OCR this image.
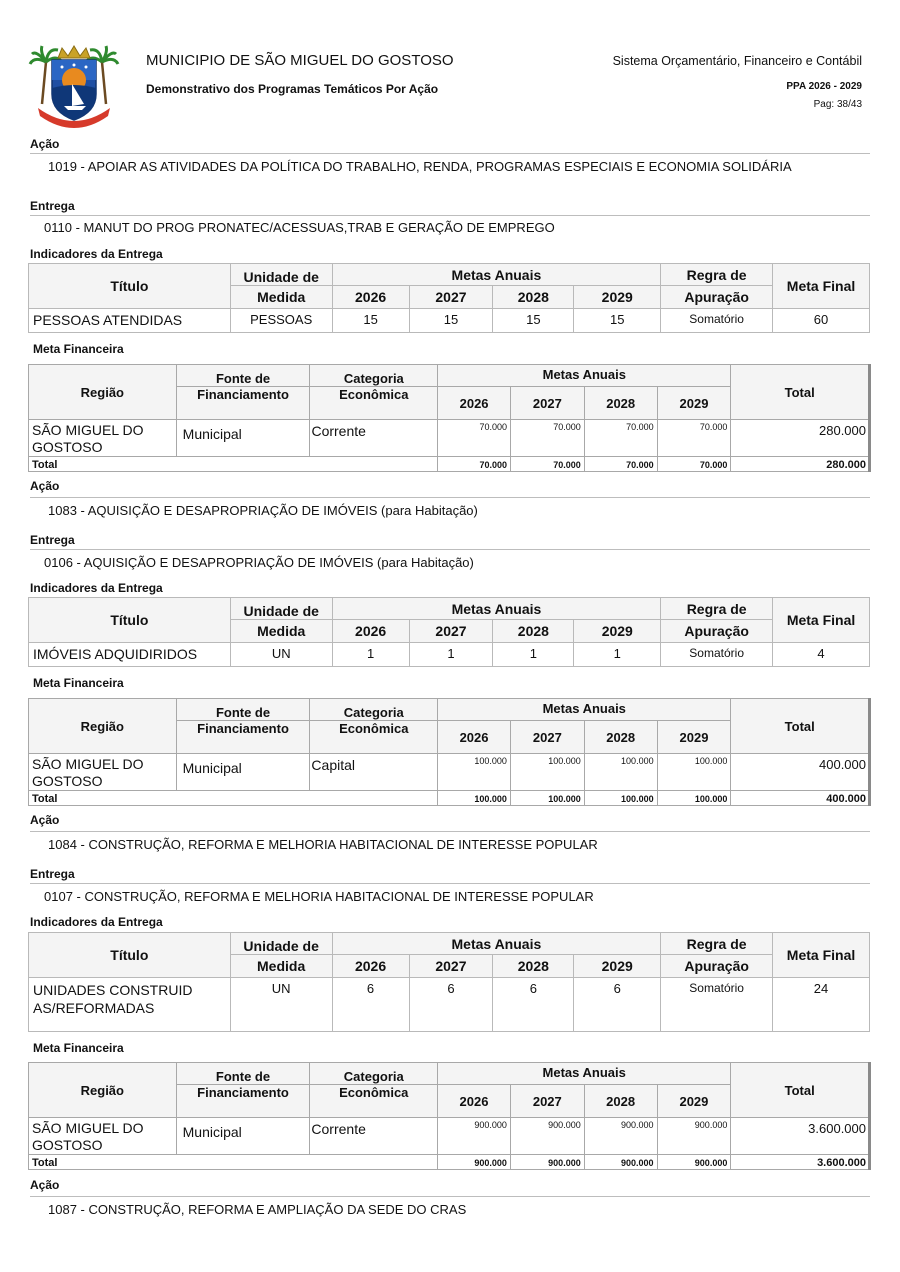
MUNICIPIO DE SÃO MIGUEL DO GOSTOSO
Demonstrativo dos Programas Temáticos Por Ação
Sistema Orçamentário, Financeiro e Contábil
PPA 2026 - 2029
Pag: 38/43
Ação
1019 - APOIAR AS ATIVIDADES DA POLÍTICA DO TRABALHO, RENDA, PROGRAMAS ESPECIAIS E ECONOMIA SOLIDÁRIA
Entrega
0110 - MANUT DO PROG PRONATEC/ACESSUAS,TRAB E GERAÇÃO DE EMPREGO
Indicadores da Entrega
Título	Unidade de	Metas Anuais				Regra de	Meta Final
	Medida	2026	2027	2028	2029	Apuração	
PESSOAS ATENDIDAS	PESSOAS	15	15	15	15	Somatório	60
Meta Financeira
Região	Fonte de	Categoria	Metas Anuais				Total
	Financiamento	Econômica	2026	2027	2028	2029	
SÃO MIGUEL DO GOSTOSO	Municipal	Corrente	70.000	70.000	70.000	70.000	280.000
Total			70.000	70.000	70.000	70.000	280.000
Ação
1083 - AQUISIÇÃO E DESAPROPRIAÇÃO DE IMÓVEIS (para Habitação)
Entrega
0106 - AQUISIÇÃO E DESAPROPRIAÇÃO DE IMÓVEIS (para Habitação)
Indicadores da Entrega
Título	Unidade de	Metas Anuais				Regra de	Meta Final
	Medida	2026	2027	2028	2029	Apuração	
IMÓVEIS ADQUIDIRIDOS	UN	1	1	1	1	Somatório	4
Meta Financeira
Região	Fonte de	Categoria	Metas Anuais				Total
	Financiamento	Econômica	2026	2027	2028	2029	
SÃO MIGUEL DO GOSTOSO	Municipal	Capital	100.000	100.000	100.000	100.000	400.000
Total			100.000	100.000	100.000	100.000	400.000
Ação
1084 - CONSTRUÇÃO, REFORMA E MELHORIA HABITACIONAL DE INTERESSE POPULAR
Entrega
0107 - CONSTRUÇÃO, REFORMA E MELHORIA HABITACIONAL DE INTERESSE POPULAR
Indicadores da Entrega
Título	Unidade de	Metas Anuais				Regra de	Meta Final
	Medida	2026	2027	2028	2029	Apuração	
UNIDADES CONSTRUIDAS/REFORMADAS	UN	6	6	6	6	Somatório	24
Meta Financeira
Região	Fonte de	Categoria	Metas Anuais				Total
	Financiamento	Econômica	2026	2027	2028	2029	
SÃO MIGUEL DO GOSTOSO	Municipal	Corrente	900.000	900.000	900.000	900.000	3.600.000
Total			900.000	900.000	900.000	900.000	3.600.000
Ação
1087 - CONSTRUÇÃO, REFORMA E AMPLIAÇÃO DA SEDE DO CRAS
